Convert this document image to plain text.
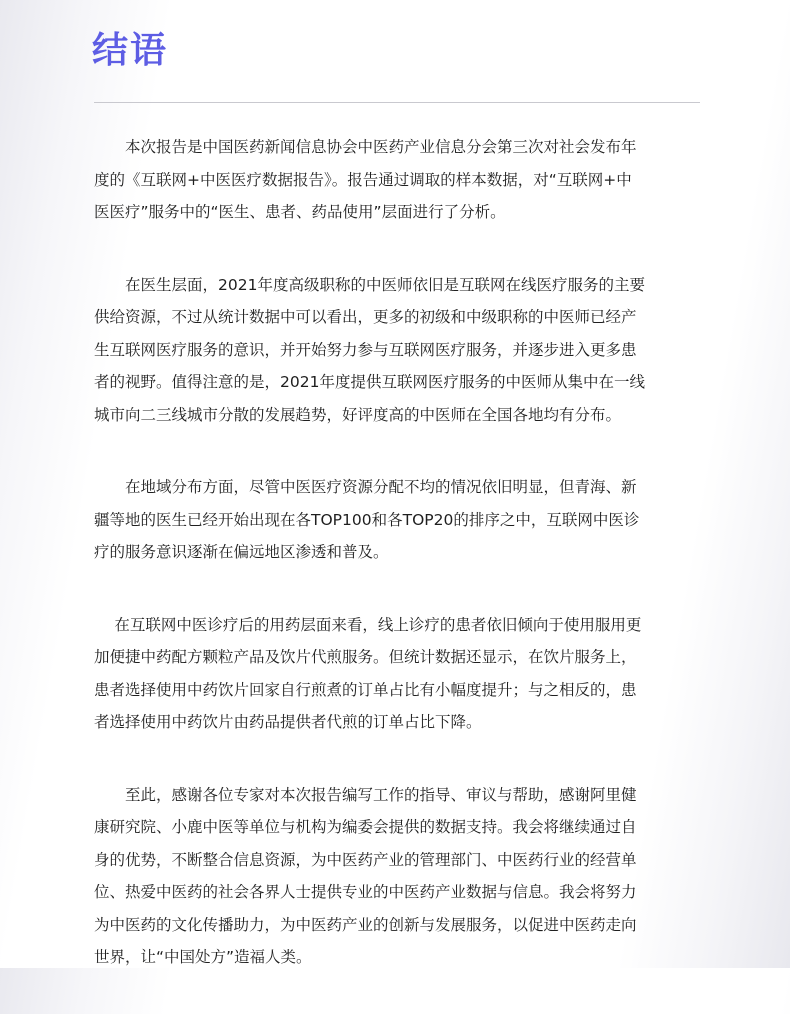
结语

　　本次报告是中国医药新闻信息协会中医药产业信息分会第三次对社会发布年
度的《互联网+中医医疗数据报告》。报告通过调取的样本数据，对“互联网+中
医医疗”服务中的“医生、患者、药品使用”层面进行了分析。

　　在医生层面，2021年度高级职称的中医师依旧是互联网在线医疗服务的主要
供给资源，不过从统计数据中可以看出，更多的初级和中级职称的中医师已经产
生互联网医疗服务的意识，并开始努力参与互联网医疗服务，并逐步进入更多患
者的视野。值得注意的是，2021年度提供互联网医疗服务的中医师从集中在一线
城市向二三线城市分散的发展趋势，好评度高的中医师在全国各地均有分布。

　　在地域分布方面，尽管中医医疗资源分配不均的情况依旧明显，但青海、新
疆等地的医生已经开始出现在各TOP100和各TOP20的排序之中，互联网中医诊
疗的服务意识逐渐在偏远地区渗透和普及。

　 在互联网中医诊疗后的用药层面来看，线上诊疗的患者依旧倾向于使用服用更
加便捷中药配方颗粒产品及饮片代煎服务。但统计数据还显示，在饮片服务上，
患者选择使用中药饮片回家自行煎煮的订单占比有小幅度提升；与之相反的，患
者选择使用中药饮片由药品提供者代煎的订单占比下降。

　　至此，感谢各位专家对本次报告编写工作的指导、审议与帮助，感谢阿里健
康研究院、小鹿中医等单位与机构为编委会提供的数据支持。我会将继续通过自
身的优势，不断整合信息资源，为中医药产业的管理部门、中医药行业的经营单
位、热爱中医药的社会各界人士提供专业的中医药产业数据与信息。我会将努力
为中医药的文化传播助力，为中医药产业的创新与发展服务，以促进中医药走向
世界，让“中国处方”造福人类。
